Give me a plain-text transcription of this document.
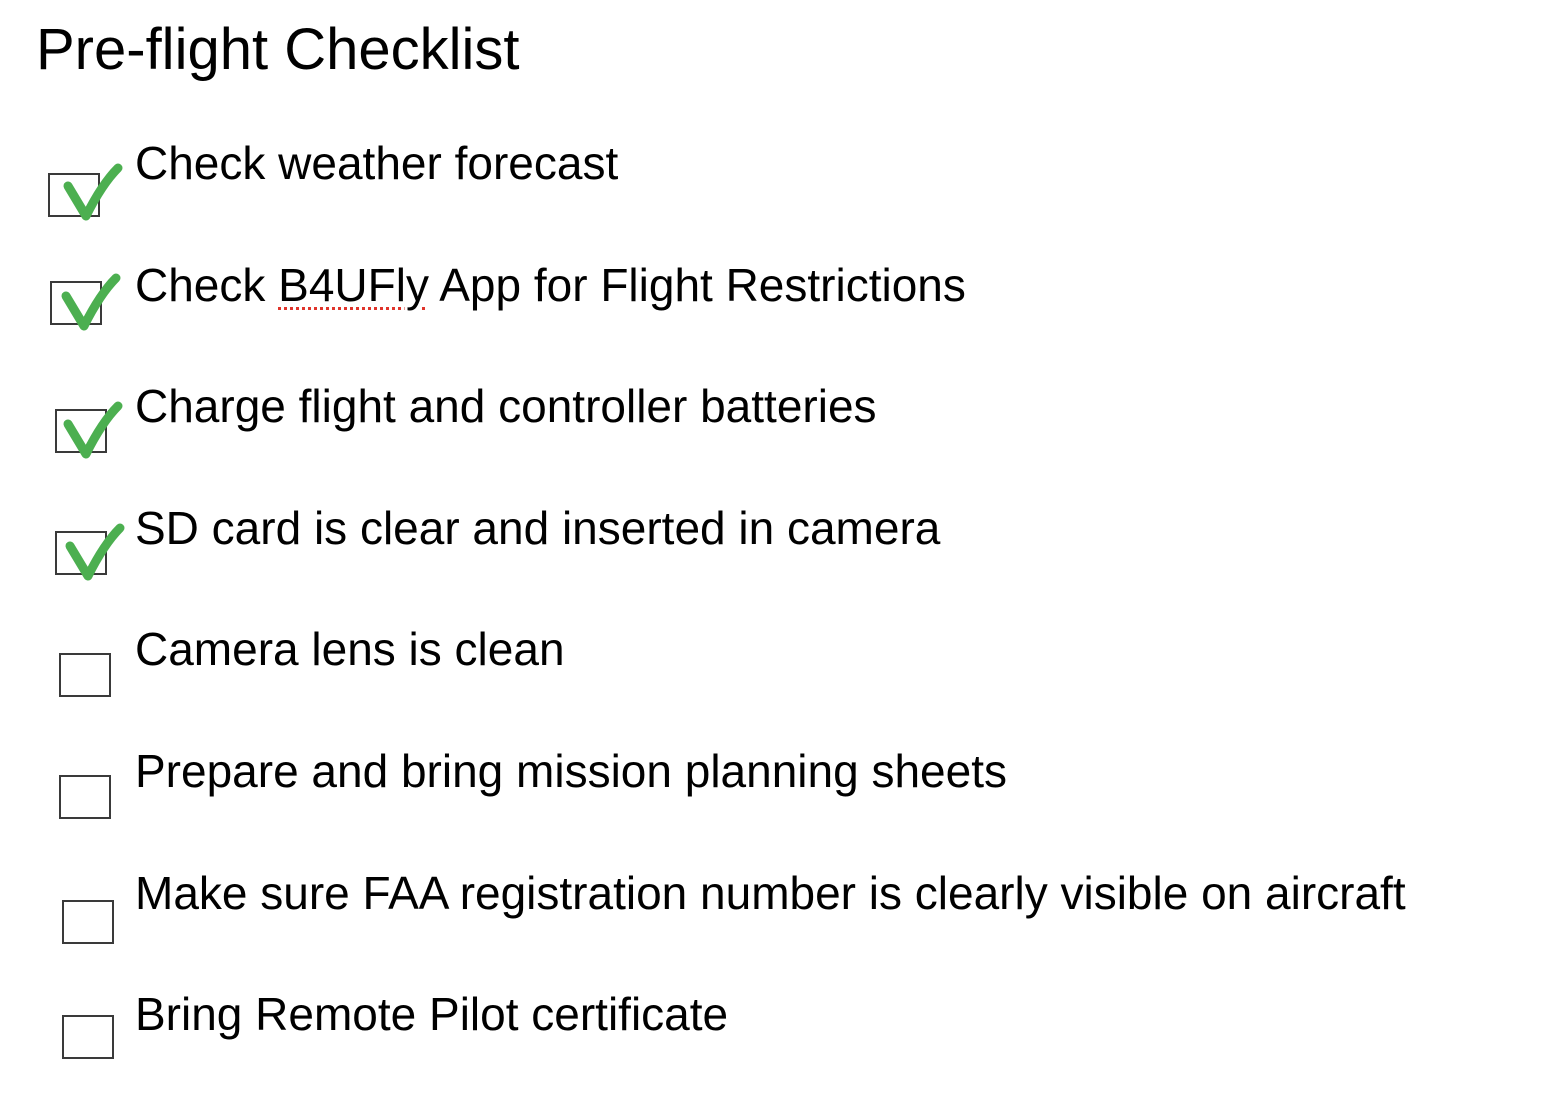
Pre-flight Checklist
Check weather forecast
Check B4UFly App for Flight Restrictions
Charge flight and controller batteries
SD card is clear and inserted in camera
Camera lens is clean
Prepare and bring mission planning sheets
Make sure FAA registration number is clearly visible on aircraft
Bring Remote Pilot certificate
